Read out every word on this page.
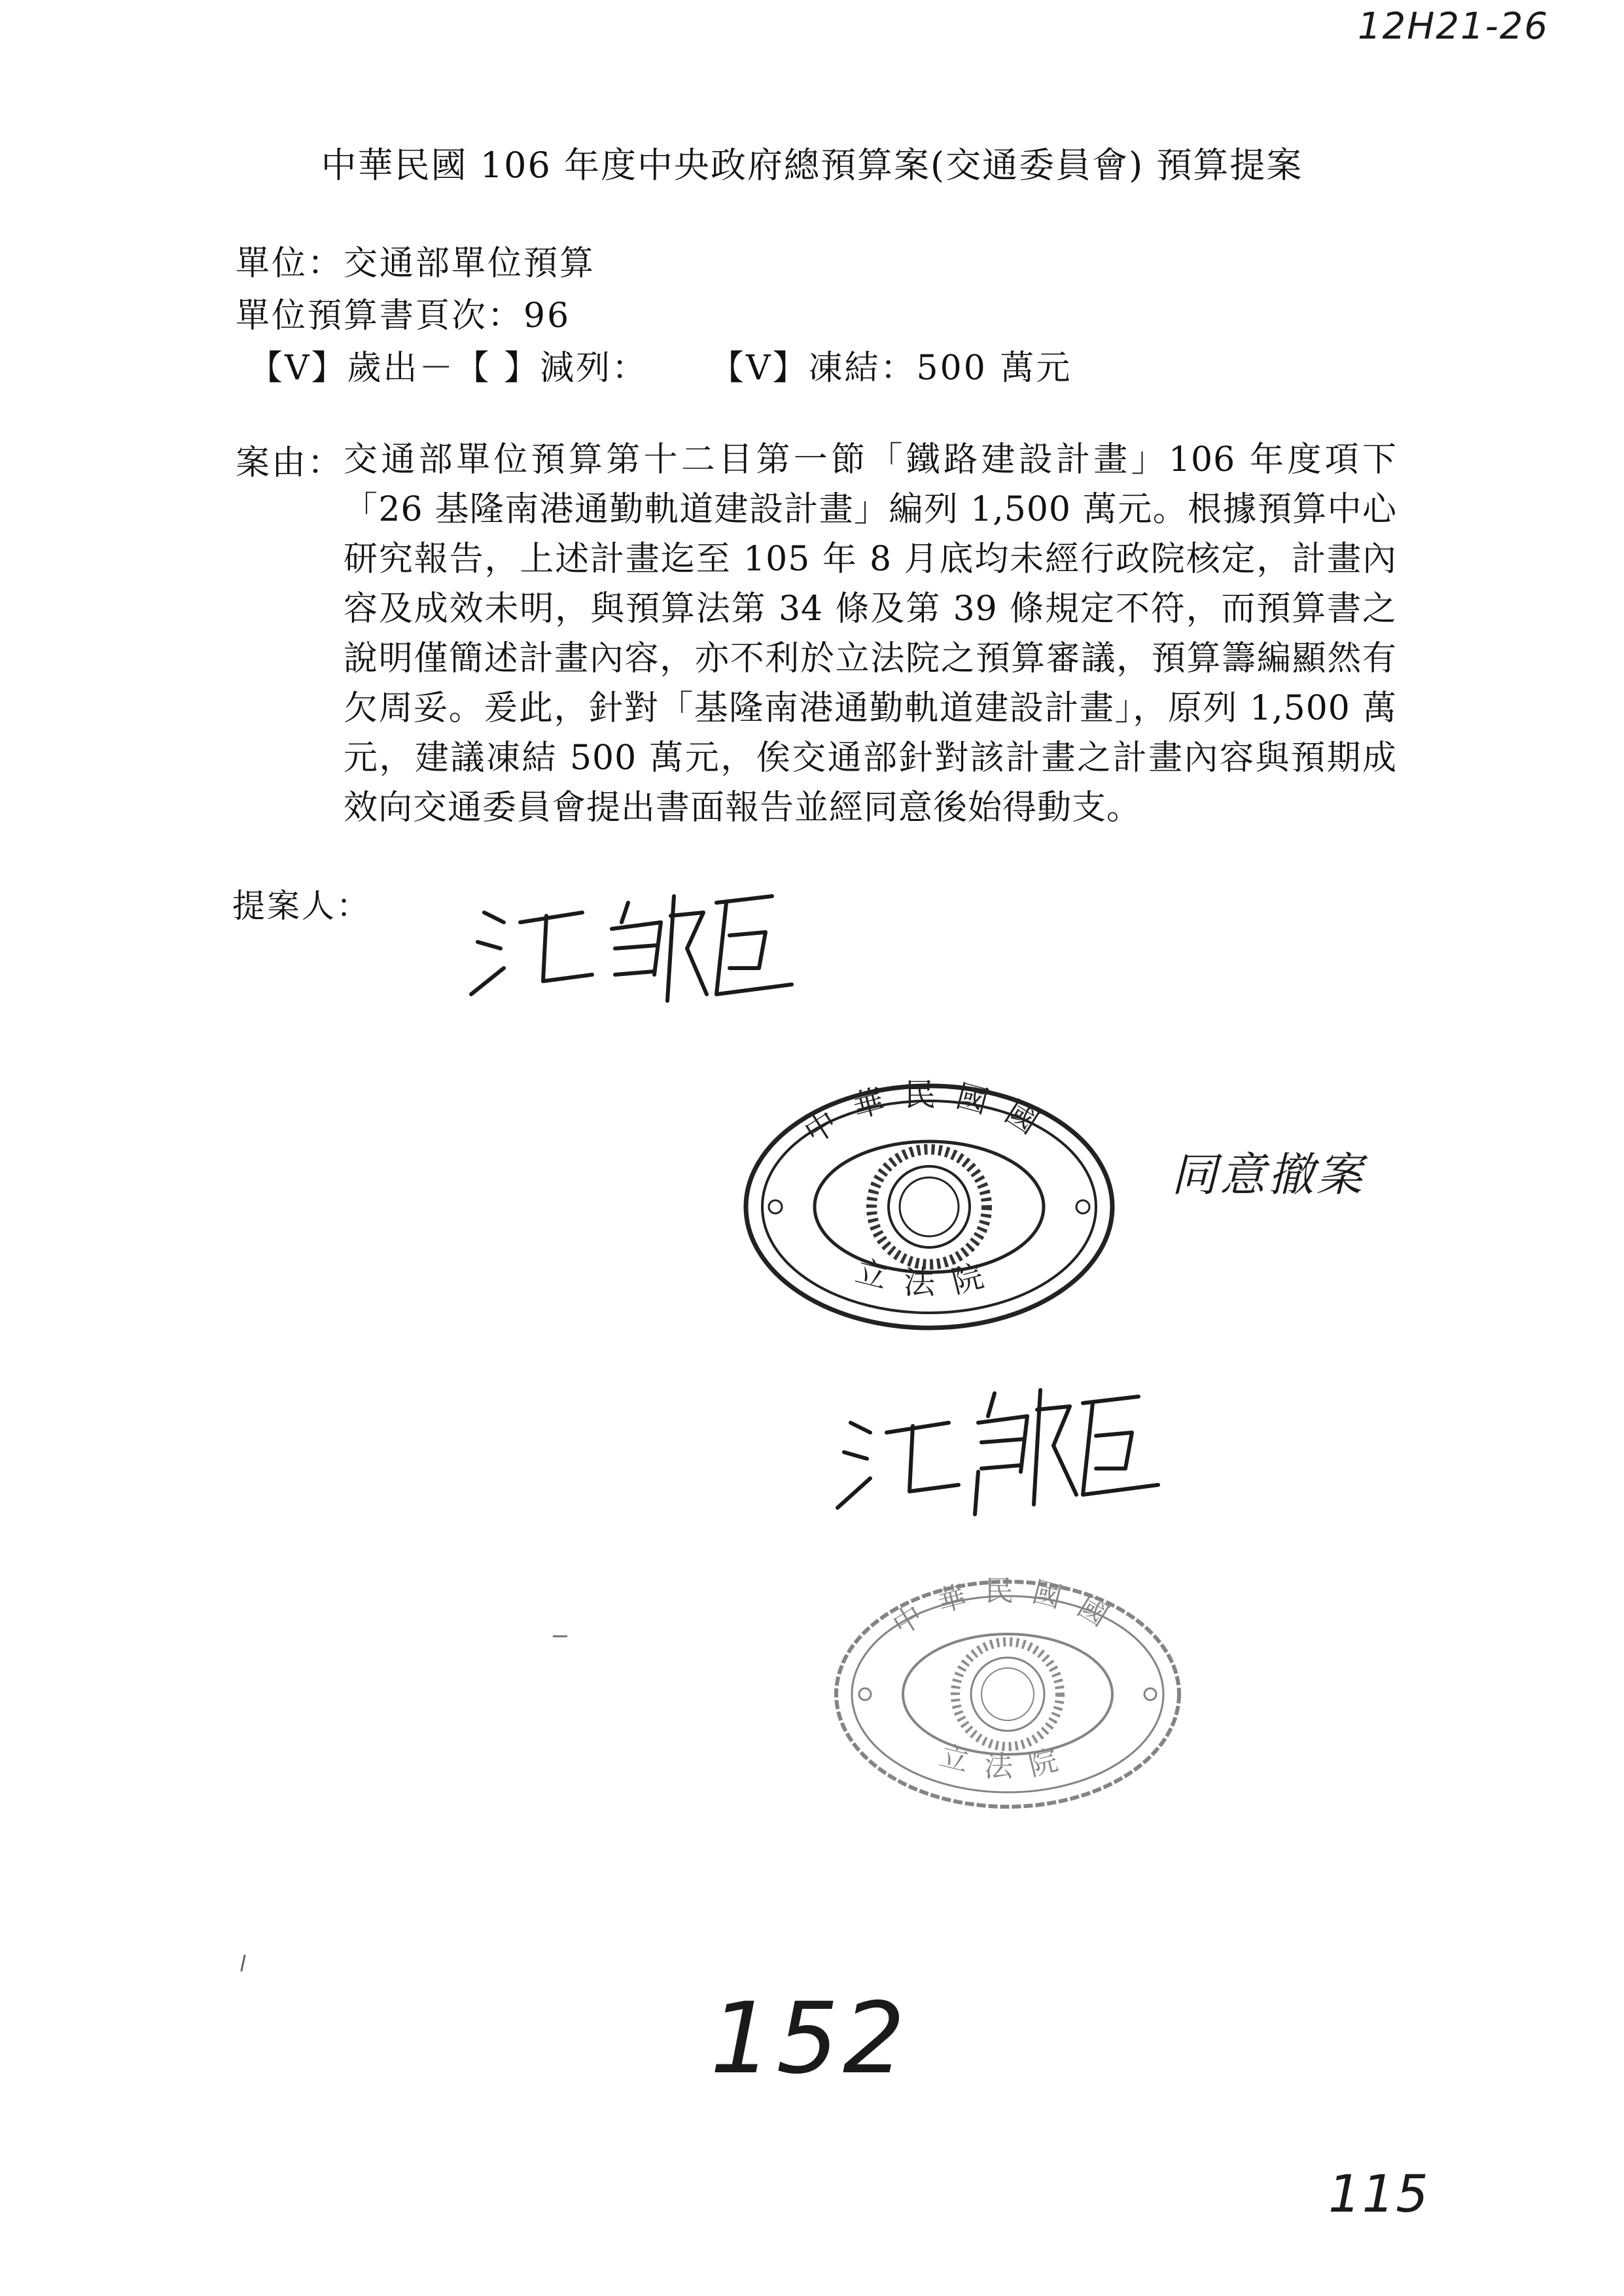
12Н21-26
中華民國 106 年度中央政府總預算案(交通委員會) 預算提案
單位：交通部單位預算
單位預算書頁次：96
【V】歲出－【 】減列： 【V】凍結：500 萬元
案由： 交通部單位預算第十二目第一節「鐵路建設計畫」106 年度項下「26 基隆南港通勤軌道建設計畫」編列 1,500 萬元。根據預算中心研究報告，上述計畫迄至 105 年 8 月底均未經行政院核定，計畫內容及成效未明，與預算法第 34 條及第 39 條規定不符，而預算書之說明僅簡述計畫內容，亦不利於立法院之預算審議，預算籌編顯然有欠周妥。爰此，針對「基隆南港通勤軌道建設計畫」，原列 1,500 萬元，建議凍結 500 萬元，俟交通部針對該計畫之計畫內容與預期成效向交通委員會提出書面報告並經同意後始得動支。
提案人：
同意撤案
中華民國國
立法院
中華民國國
立法院
152
115
